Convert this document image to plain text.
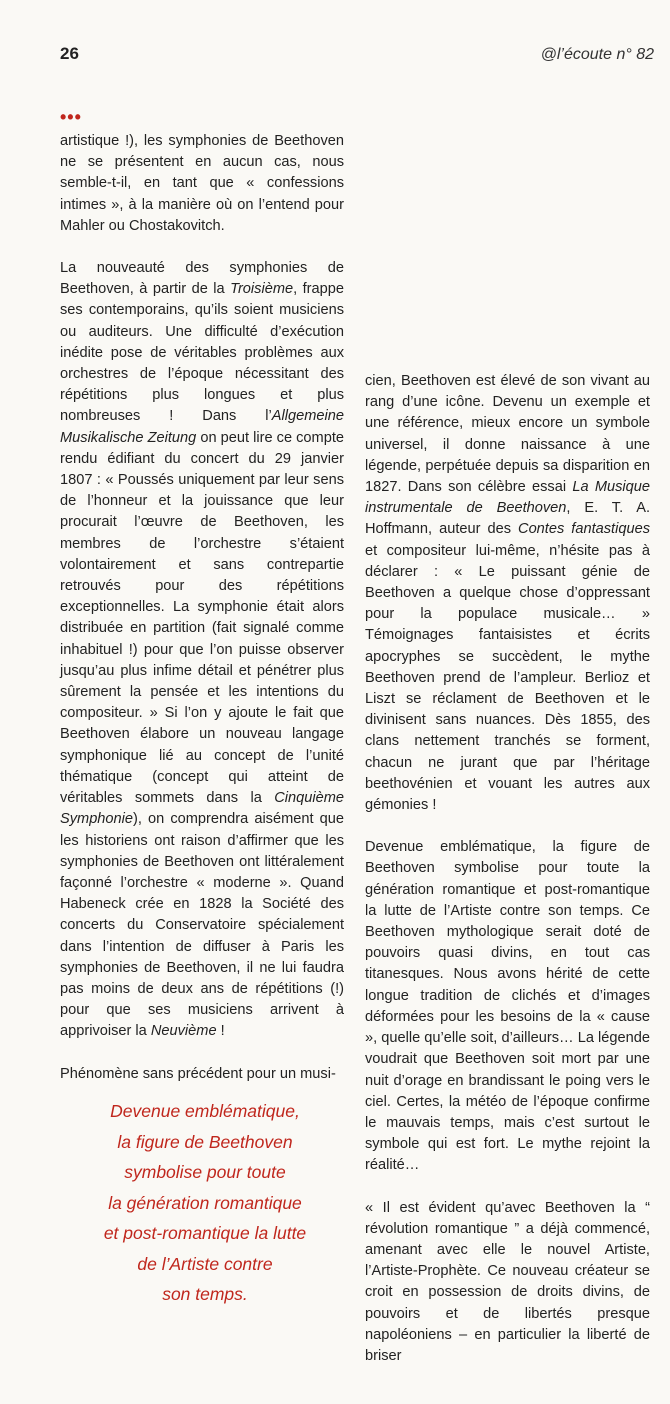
26	@l’écoute n° 82
•••

artistique !), les symphonies de Beethoven ne se présentent en aucun cas, nous semble-t-il, en tant que « confessions intimes », à la manière où on l’entend pour Mahler ou Chostakovitch.

La nouveauté des symphonies de Beethoven, à partir de la Troisième, frappe ses contemporains, qu’ils soient musiciens ou auditeurs. Une difficulté d’exécution inédite pose de véritables problèmes aux orchestres de l’époque nécessitant des répétitions plus longues et plus nombreuses ! Dans l’Allgemeine Musikalische Zeitung on peut lire ce compte rendu édifiant du concert du 29 janvier 1807 : « Poussés uniquement par leur sens de l’honneur et la jouissance que leur procurait l’œuvre de Beethoven, les membres de l’orchestre s’étaient volontairement et sans contrepartie retrouvés pour des répétitions exceptionnelles. La symphonie était alors distribuée en partition (fait signalé comme inhabituel !) pour que l’on puisse observer jusqu’au plus infime détail et pénétrer plus sûrement la pensée et les intentions du compositeur. » Si l’on y ajoute le fait que Beethoven élabore un nouveau langage symphonique lié au concept de l’unité thématique (concept qui atteint de véritables sommets dans la Cinquième Symphonie), on comprendra aisément que les historiens ont raison d’affirmer que les symphonies de Beethoven ont littéralement façonné l’orchestre « moderne ». Quand Habeneck crée en 1828 la Société des concerts du Conservatoire spécialement dans l’intention de diffuser à Paris les symphonies de Beethoven, il ne lui faudra pas moins de deux ans de répétitions (!) pour que ses musiciens arrivent à apprivoiser la Neuvième !

Phénomène sans précédent pour un musi-

Devenue emblématique,
la figure de Beethoven
symbolise pour toute
la génération romantique
et post-romantique la lutte
de l’Artiste contre
son temps.

cien, Beethoven est élevé de son vivant au rang d’une icône. Devenu un exemple et une référence, mieux encore un symbole universel, il donne naissance à une légende, perpétuée depuis sa disparition en 1827. Dans son célèbre essai La Musique instrumentale de Beethoven, E. T. A. Hoffmann, auteur des Contes fantastiques et compositeur lui-même, n’hésite pas à déclarer : « Le puissant génie de Beethoven a quelque chose d’oppressant pour la populace musicale… » Témoignages fantaisistes et écrits apocryphes se succèdent, le mythe Beethoven prend de l’ampleur. Berlioz et Liszt se réclament de Beethoven et le divinisent sans nuances. Dès 1855, des clans nettement tranchés se forment, chacun ne jurant que par l’héritage beethovénien et vouant les autres aux gémonies !

Devenue emblématique, la figure de Beethoven symbolise pour toute la génération romantique et post-romantique la lutte de l’Artiste contre son temps. Ce Beethoven mythologique serait doté de pouvoirs quasi divins, en tout cas titanesques. Nous avons hérité de cette longue tradition de clichés et d’images déformées pour les besoins de la « cause », quelle qu’elle soit, d’ailleurs… La légende voudrait que Beethoven soit mort par une nuit d’orage en brandissant le poing vers le ciel. Certes, la météo de l’époque confirme le mauvais temps, mais c’est surtout le symbole qui est fort. Le mythe rejoint la réalité…

« Il est évident qu’avec Beethoven la “ révolution romantique ” a déjà commencé, amenant avec elle le nouvel Artiste, l’Artiste-Prophète. Ce nouveau créateur se croit en possession de droits divins, de pouvoirs et de libertés presque napoléoniens – en particulier la liberté de briser
